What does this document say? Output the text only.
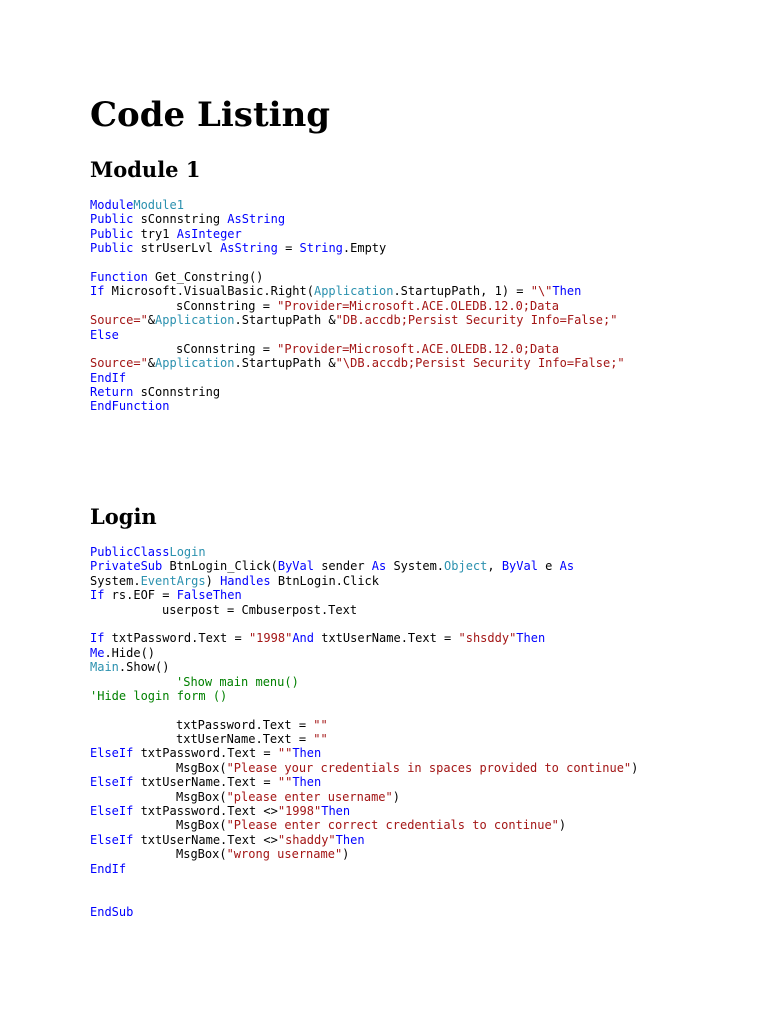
Code Listing
Module 1
ModuleModule1
Public sConnstring AsString
Public try1 AsInteger
Public strUserLvl AsString = String.Empty
Function Get_Constring()
If Microsoft.VisualBasic.Right(Application.StartupPath, 1) = "\"Then
sConnstring = "Provider=Microsoft.ACE.OLEDB.12.0;Data
Source="&Application.StartupPath &"DB.accdb;Persist Security Info=False;"
Else
sConnstring = "Provider=Microsoft.ACE.OLEDB.12.0;Data
Source="&Application.StartupPath &"\DB.accdb;Persist Security Info=False;"
EndIf
Return sConnstring
EndFunction
Login
PublicClassLogin
PrivateSub BtnLogin_Click(ByVal sender As System.Object, ByVal e As
System.EventArgs) Handles BtnLogin.Click
If rs.EOF = FalseThen
userpost = Cmbuserpost.Text
If txtPassword.Text = "1998"And txtUserName.Text = "shsddy"Then
Me.Hide()
Main.Show()
'Show main menu()
'Hide login form ()
txtPassword.Text = ""
txtUserName.Text = ""
ElseIf txtPassword.Text = ""Then
MsgBox("Please your credentials in spaces provided to continue")
ElseIf txtUserName.Text = ""Then
MsgBox("please enter username")
ElseIf txtPassword.Text <>"1998"Then
MsgBox("Please enter correct credentials to continue")
ElseIf txtUserName.Text <>"shaddy"Then
MsgBox("wrong username")
EndIf
EndSub
